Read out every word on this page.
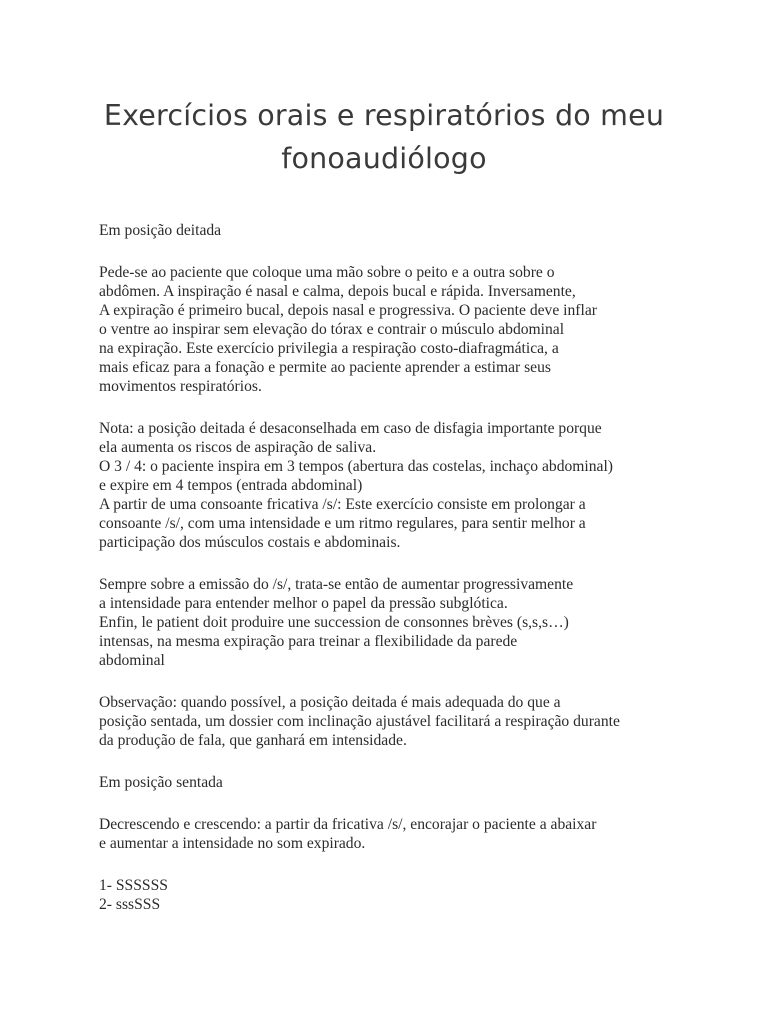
Exercícios orais e respiratórios do meu
fonoaudiólogo

Em posição deitada

Pede-se ao paciente que coloque uma mão sobre o peito e a outra sobre o
abdômen. A inspiração é nasal e calma, depois bucal e rápida. Inversamente,
A expiração é primeiro bucal, depois nasal e progressiva. O paciente deve inflar
o ventre ao inspirar sem elevação do tórax e contrair o músculo abdominal
na expiração. Este exercício privilegia a respiração costo-diafragmática, a
mais eficaz para a fonação e permite ao paciente aprender a estimar seus
movimentos respiratórios.

Nota: a posição deitada é desaconselhada em caso de disfagia importante porque
ela aumenta os riscos de aspiração de saliva.
O 3 / 4: o paciente inspira em 3 tempos (abertura das costelas, inchaço abdominal)
e expire em 4 tempos (entrada abdominal)
A partir de uma consoante fricativa /s/: Este exercício consiste em prolongar a
consoante /s/, com uma intensidade e um ritmo regulares, para sentir melhor a
participação dos músculos costais e abdominais.

Sempre sobre a emissão do /s/, trata-se então de aumentar progressivamente
a intensidade para entender melhor o papel da pressão subglótica.
Enfin, le patient doit produire une succession de consonnes brèves (s,s,s…)
intensas, na mesma expiração para treinar a flexibilidade da parede
abdominal

Observação: quando possível, a posição deitada é mais adequada do que a
posição sentada, um dossier com inclinação ajustável facilitará a respiração durante
da produção de fala, que ganhará em intensidade.

Em posição sentada

Decrescendo e crescendo: a partir da fricativa /s/, encorajar o paciente a abaixar
e aumentar a intensidade no som expirado.

1- SSSSSS
2- sssSSS
